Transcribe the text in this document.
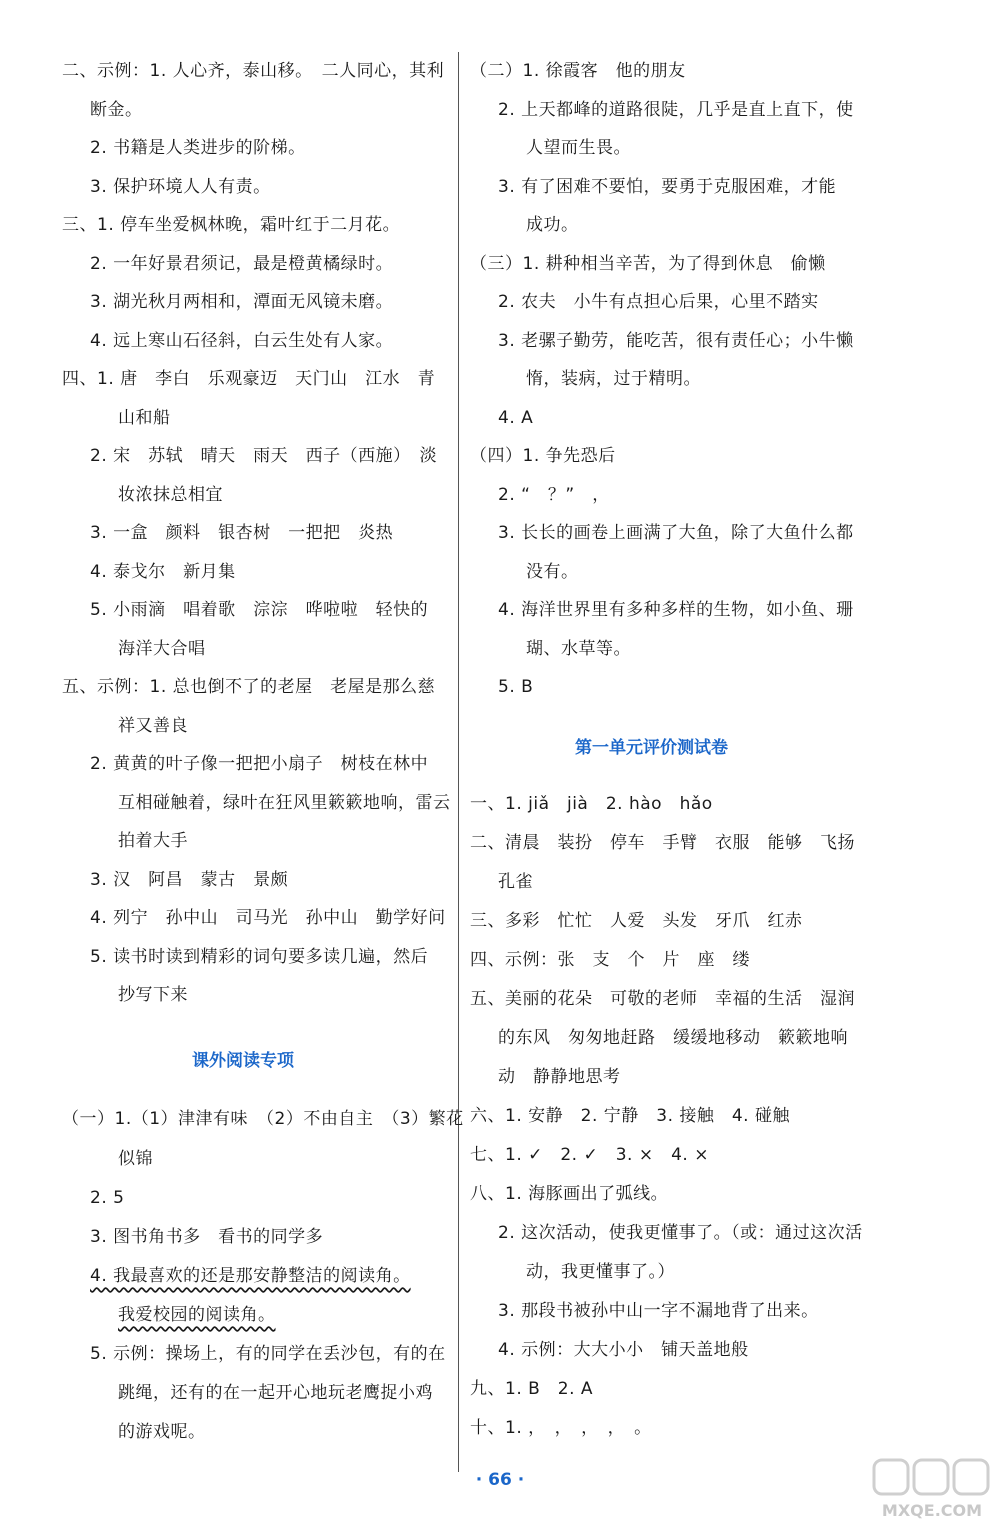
二、示例：1. 人心齐，泰山移。　二人同心，其利
断金。
2. 书籍是人类进步的阶梯。
3. 保护环境人人有责。
三、1. 停车坐爱枫林晚，霜叶红于二月花。
2. 一年好景君须记，最是橙黄橘绿时。
3. 湖光秋月两相和，潭面无风镜未磨。
4. 远上寒山石径斜，白云生处有人家。
四、1. 唐　李白　乐观豪迈　天门山　江水　青
山和船
2. 宋　苏轼　晴天　雨天　西子（西施）　淡
妆浓抹总相宜
3. 一盒　颜料　银杏树　一把把　炎热
4. 泰戈尔　新月集
5. 小雨滴　唱着歌　淙淙　哗啦啦　轻快的
海洋大合唱
五、示例：1. 总也倒不了的老屋　老屋是那么慈
祥又善良
2. 黄黄的叶子像一把把小扇子　树枝在林中
互相碰触着，绿叶在狂风里簌簌地响，雷云
拍着大手
3. 汉　阿昌　蒙古　景颇
4. 列宁　孙中山　司马光　孙中山　勤学好问
5. 读书时读到精彩的词句要多读几遍，然后
抄写下来
课外阅读专项
（一）1.（1）津津有味　（2）不由自主　（3）繁花
似锦
2. 5
3. 图书角书多　看书的同学多
4. 我最喜欢的还是那安静整洁的阅读角。
我爱校园的阅读角。
5. 示例：操场上，有的同学在丢沙包，有的在
跳绳，还有的在一起开心地玩老鹰捉小鸡
的游戏呢。
（二）1. 徐霞客　他的朋友
2. 上天都峰的道路很陡，几乎是直上直下，使
人望而生畏。
3. 有了困难不要怕，要勇于克服困难，才能
成功。
（三）1. 耕种相当辛苦，为了得到休息　偷懒
2. 农夫　小牛有点担心后果，心里不踏实
3. 老骡子勤劳，能吃苦，很有责任心；小牛懒
惰，装病，过于精明。
4. A
（四）1. 争先恐后
2. “　？”　，
3. 长长的画卷上画满了大鱼，除了大鱼什么都
没有。
4. 海洋世界里有多种多样的生物，如小鱼、珊
瑚、水草等。
5. B
第一单元评价测试卷
一、1. jiǎ　jià　2. hào　hǎo
二、清晨　装扮　停车　手臂　衣服　能够　飞扬
孔雀
三、多彩　忙忙　人爱　头发　牙爪　红赤
四、示例：张　支　个　片　座　缕
五、美丽的花朵　可敬的老师　幸福的生活　湿润
的东风　匆匆地赶路　缓缓地移动　簌簌地响
动　静静地思考
六、1. 安静　2. 宁静　3. 接触　4. 碰触
七、1. ✓　2. ✓　3. ×　4. ×
八、1. 海豚画出了弧线。
2. 这次活动，使我更懂事了。（或：通过这次活
动，我更懂事了。）
3. 那段书被孙中山一字不漏地背了出来。
4. 示例：大大小小　铺天盖地般
九、1. B　2. A
十、1. ，　，　，　，　。
· 66 ·
MXQE.COM
